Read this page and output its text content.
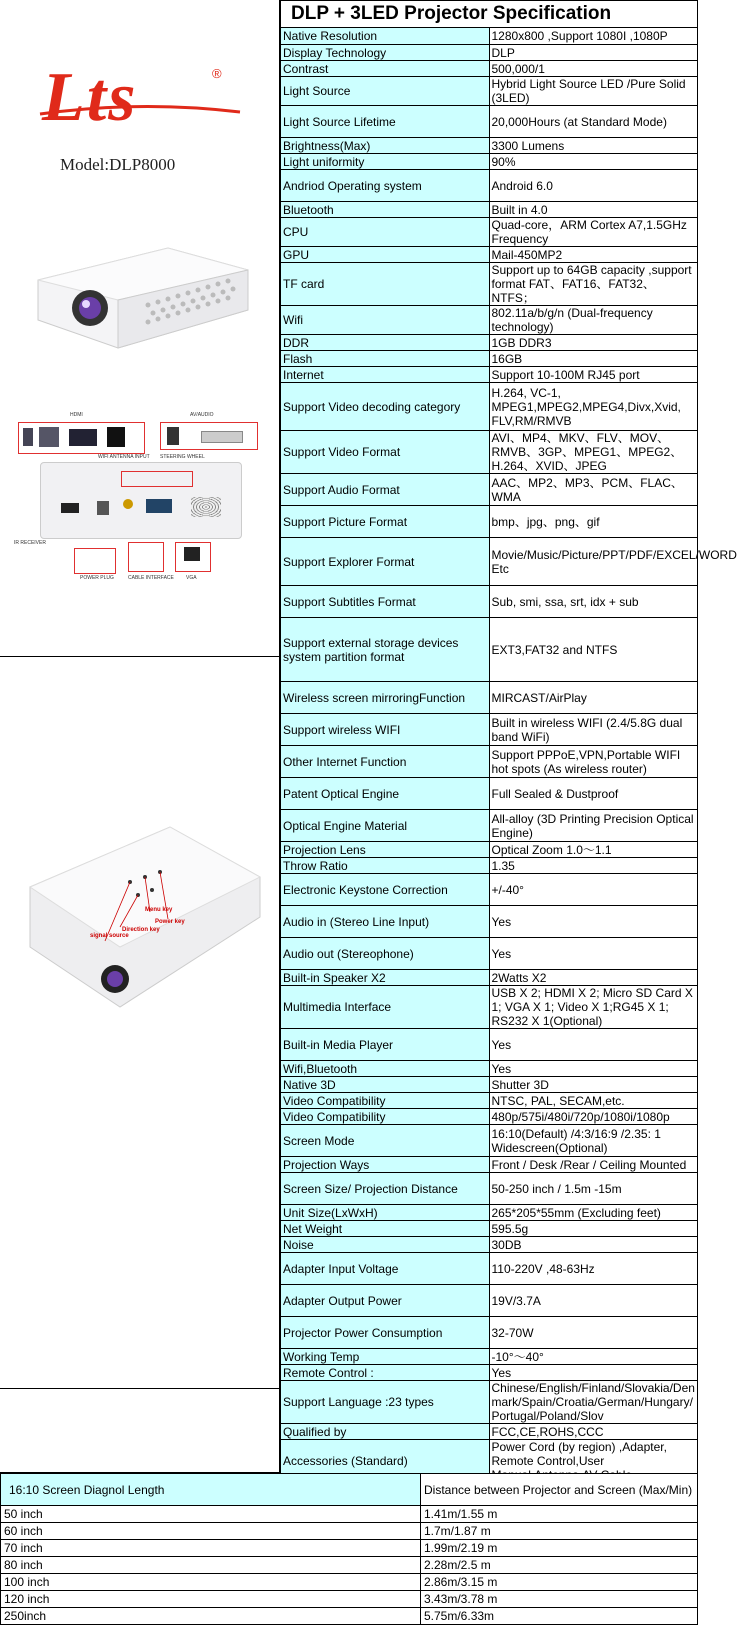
Lts	®
Model:DLP8000
HDMI	AV/AUDIO
WIFI ANTENNA INPUT STEERING WHEEL
IR RECEIVER
POWER PLUG	CABLE INTERFACE VGA
Menu key
Power key
Direction key
signal source
DLP + 3LED Projector Specification	
Native Resolution	1280x800 ,Support 1080I ,1080P
Display Technology	DLP
Contrast	500,000/1
Light Source	Hybrid Light Source LED /Pure Solid (3LED)
Light Source Lifetime	20,000Hours (at Standard Mode)
Brightness(Max)	3300 Lumens
Light uniformity	90%
Andriod Operating system	Android 6.0
Bluetooth	Built in 4.0
CPU	Quad-core，ARM Cortex A7,1.5GHz Frequency
GPU	Mail-450MP2
TF card	Support up to 64GB capacity ,support format FAT、FAT16、FAT32、NTFS；
Wifi	802.11a/b/g/n (Dual-frequency technology)
DDR	1GB DDR3
Flash	16GB
Internet	Support 10-100M RJ45 port
Support Video decoding category	H.264, VC-1, MPEG1,MPEG2,MPEG4,Divx,Xvid, FLV,RM/RMVB
Support Video Format	AVI、MP4、MKV、FLV、MOV、RMVB、3GP、MPEG1、MPEG2、H.264、XVID、JPEG
Support Audio Format	AAC、MP2、MP3、PCM、FLAC、WMA
Support Picture Format	bmp、jpg、png、gif
Support Explorer Format	Movie/Music/Picture/PPT/PDF/EXCEL/WORD Etc
Support Subtitles Format	Sub, smi, ssa, srt, idx + sub
Support external storage devices system partition format	EXT3,FAT32 and NTFS
Wireless screen mirroringFunction	MIRCAST/AirPlay
Support wireless WIFI	Built in wireless WIFI (2.4/5.8G dual band WiFi)
Other Internet Function	Support PPPoE,VPN,Portable WIFI hot spots (As wireless router)
Patent Optical Engine	Full Sealed & Dustproof
Optical Engine Material	All-alloy (3D Printing Precision Optical Engine)
Projection Lens	Optical Zoom 1.0～1.1
Throw Ratio	1.35
Electronic Keystone Correction	+/-40°
Audio in (Stereo Line Input)	Yes
Audio out (Stereophone)	Yes
Built-in Speaker X2	2Watts X2
Multimedia Interface	USB X 2; HDMI X 2; Micro SD Card X 1; VGA X 1; Video X 1;RG45 X 1; RS232 X 1(Optional)
Built-in Media Player	Yes
Wifi,Bluetooth	Yes
Native 3D	Shutter 3D
Video Compatibility	NTSC, PAL, SECAM,etc.
Video Compatibility	480p/575i/480i/720p/1080i/1080p
Screen Mode	16:10(Default) /4:3/16:9 /2.35: 1 Widescreen(Optional)
Projection Ways	Front / Desk /Rear / Ceiling Mounted
Screen Size/ Projection Distance	50-250 inch / 1.5m -15m
Unit Size(LxWxH)	265*205*55mm (Excluding feet)
Net Weight	595.5g
Noise	30DB
Adapter Input Voltage	110-220V ,48-63Hz
Adapter Output Power	19V/3.7A
Projector Power Consumption	32-70W
Working Temp	-10°～40°
Remote Control :	Yes
Support Language :23 types	Chinese/English/Finland/Slovakia/Denmark/Spain/Croatia/German/Hungary/Portugal/Poland/Slov
Qualified by	FCC,CE,ROHS,CCC
Accessories (Standard)	Power Cord (by region) ,Adapter, Remote Control,User
16:10 Screen Diagnol Length	Distance between Projector and Screen (Max/Min)
50 inch	1.41m/1.55 m
60 inch	1.7m/1.87 m
70 inch	1.99m/2.19 m
80 inch	2.28m/2.5 m
100 inch	2.86m/3.15 m
120 inch	3.43m/3.78 m
250inch	5.75m/6.33m
